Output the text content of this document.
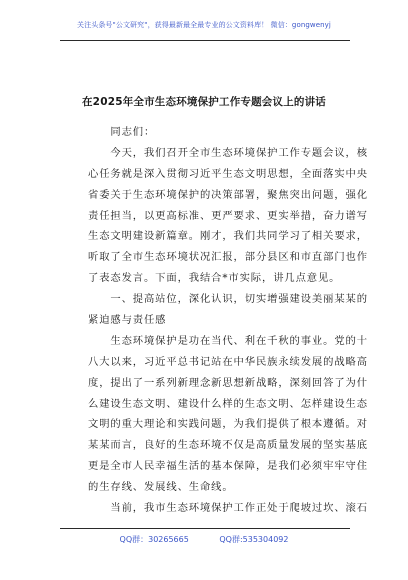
关注头条号"公文研究"，获得最新最全最专业的公文资料库！ 微信：gongwenyj
在2025年全市生态环境保护工作专题会议上的讲话
　　同志们：
　　今天，我们召开全市生态环境保护工作专题会议，核
心任务就是深入贯彻习近平生态文明思想，全面落实中央
省委关于生态环境保护的决策部署，聚焦突出问题，强化
责任担当，以更高标准、更严要求、更实举措，奋力谱写
生态文明建设新篇章。刚才，我们共同学习了相关要求，
听取了全市生态环境状况汇报，部分县区和市直部门也作
了表态发言。下面，我结合*市实际，讲几点意见。
　　一、提高站位，深化认识，切实增强建设美丽某某的
紧迫感与责任感
　　生态环境保护是功在当代、利在千秋的事业。党的十
八大以来，习近平总书记站在中华民族永续发展的战略高
度，提出了一系列新理念新思想新战略，深刻回答了为什
么建设生态文明、建设什么样的生态文明、怎样建设生态
文明的重大理论和实践问题，为我们提供了根本遵循。对
某某而言，良好的生态环境不仅是高质量发展的坚实基底
更是全市人民幸福生活的基本保障，是我们必须牢牢守住
的生存线、发展线、生命线。
　　当前，我市生态环境保护工作正处于爬坡过坎、滚石
QQ群：30265665	QQ群:535304092
